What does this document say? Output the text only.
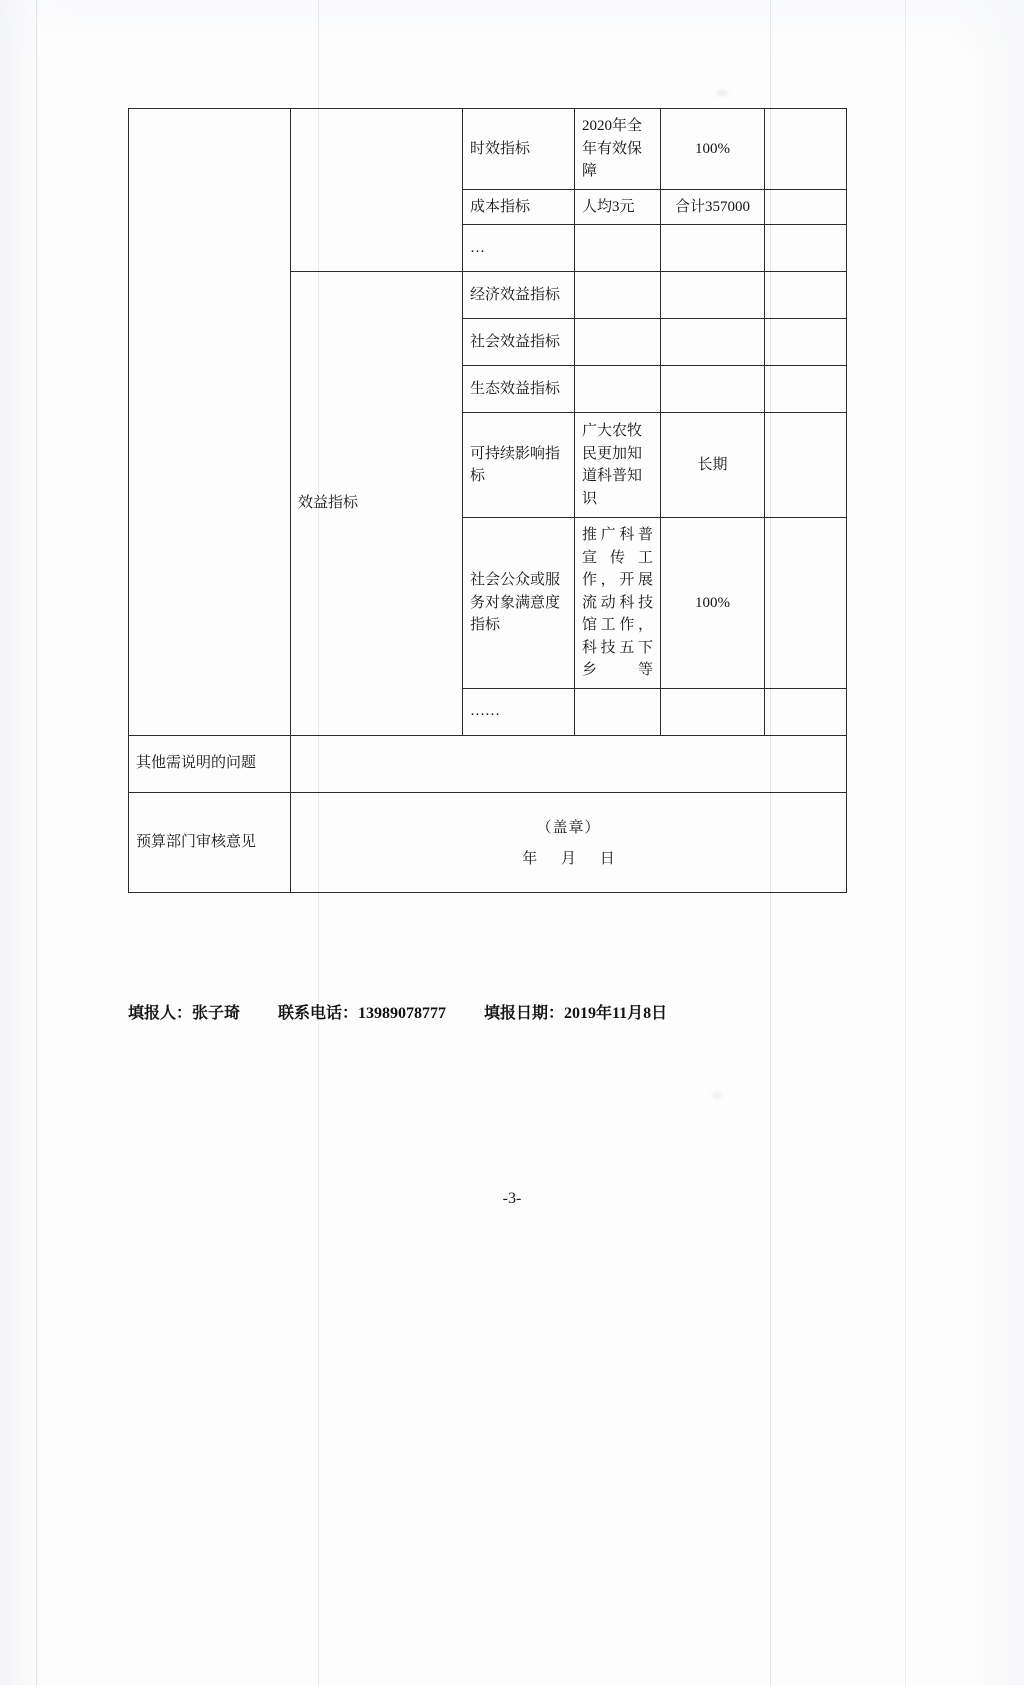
		时效指标	2020年全年有效保障	100%	
		成本指标	人均3元	合计357000	
		…			
	效益指标	经济效益指标			
		社会效益指标			
		生态效益指标			
		可持续影响指标	广大农牧民更加知道科普知识	长期	
		社会公众或服务对象满意度指标	推广科普宣传工作，开展流动科技馆工作，科技五下乡等	100%	
		……			
其他需说明的问题					
预算部门审核意见	（盖章）
年 月 日				
填报人：张子琦 联系电话：13989078777 填报日期：2019年11月8日
-3-
